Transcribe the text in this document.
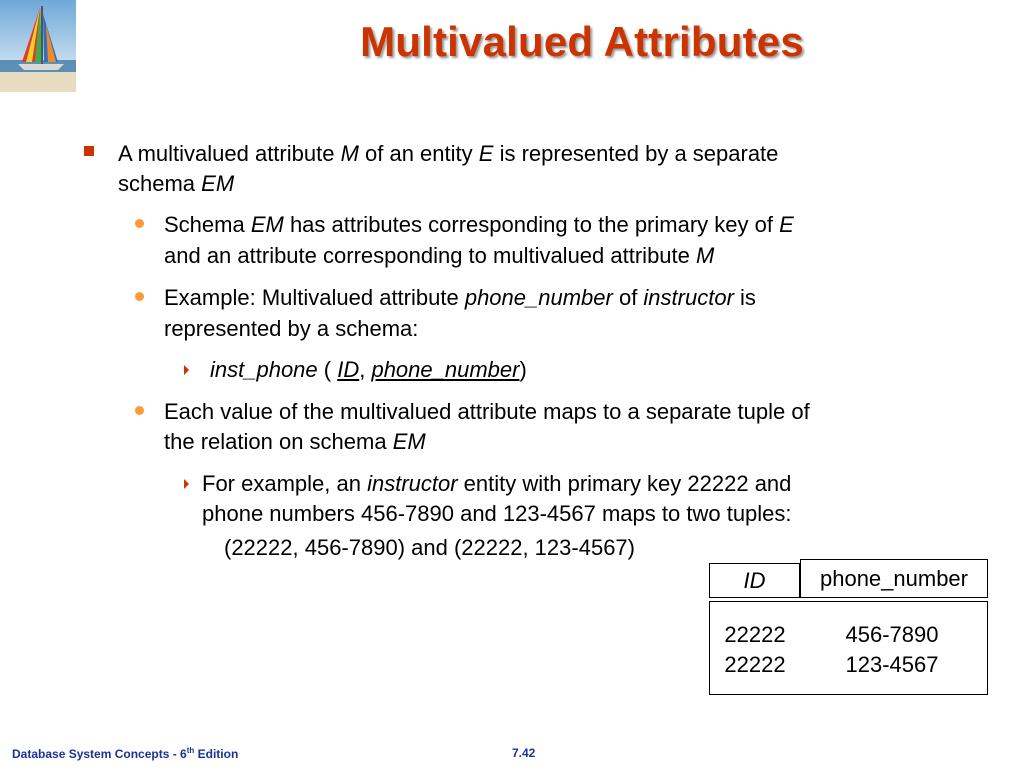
Multivalued Attributes
A multivalued attribute M of an entity E is represented by a separate
schema EM
Schema EM has attributes corresponding to the primary key of E
and an attribute corresponding to multivalued attribute M
Example: Multivalued attribute phone_number of instructor is
represented by a schema:
inst_phone ( ID, phone_number)
Each value of the multivalued attribute maps to a separate tuple of
the relation on schema EM
For example, an instructor entity with primary key 22222 and
phone numbers 456-7890 and 123-4567 maps to two tuples:
(22222, 456-7890) and (22222, 123-4567)
ID	phone_number
22222	456-7890
22222	123-4567
Database System Concepts - 6th Edition	7.42
